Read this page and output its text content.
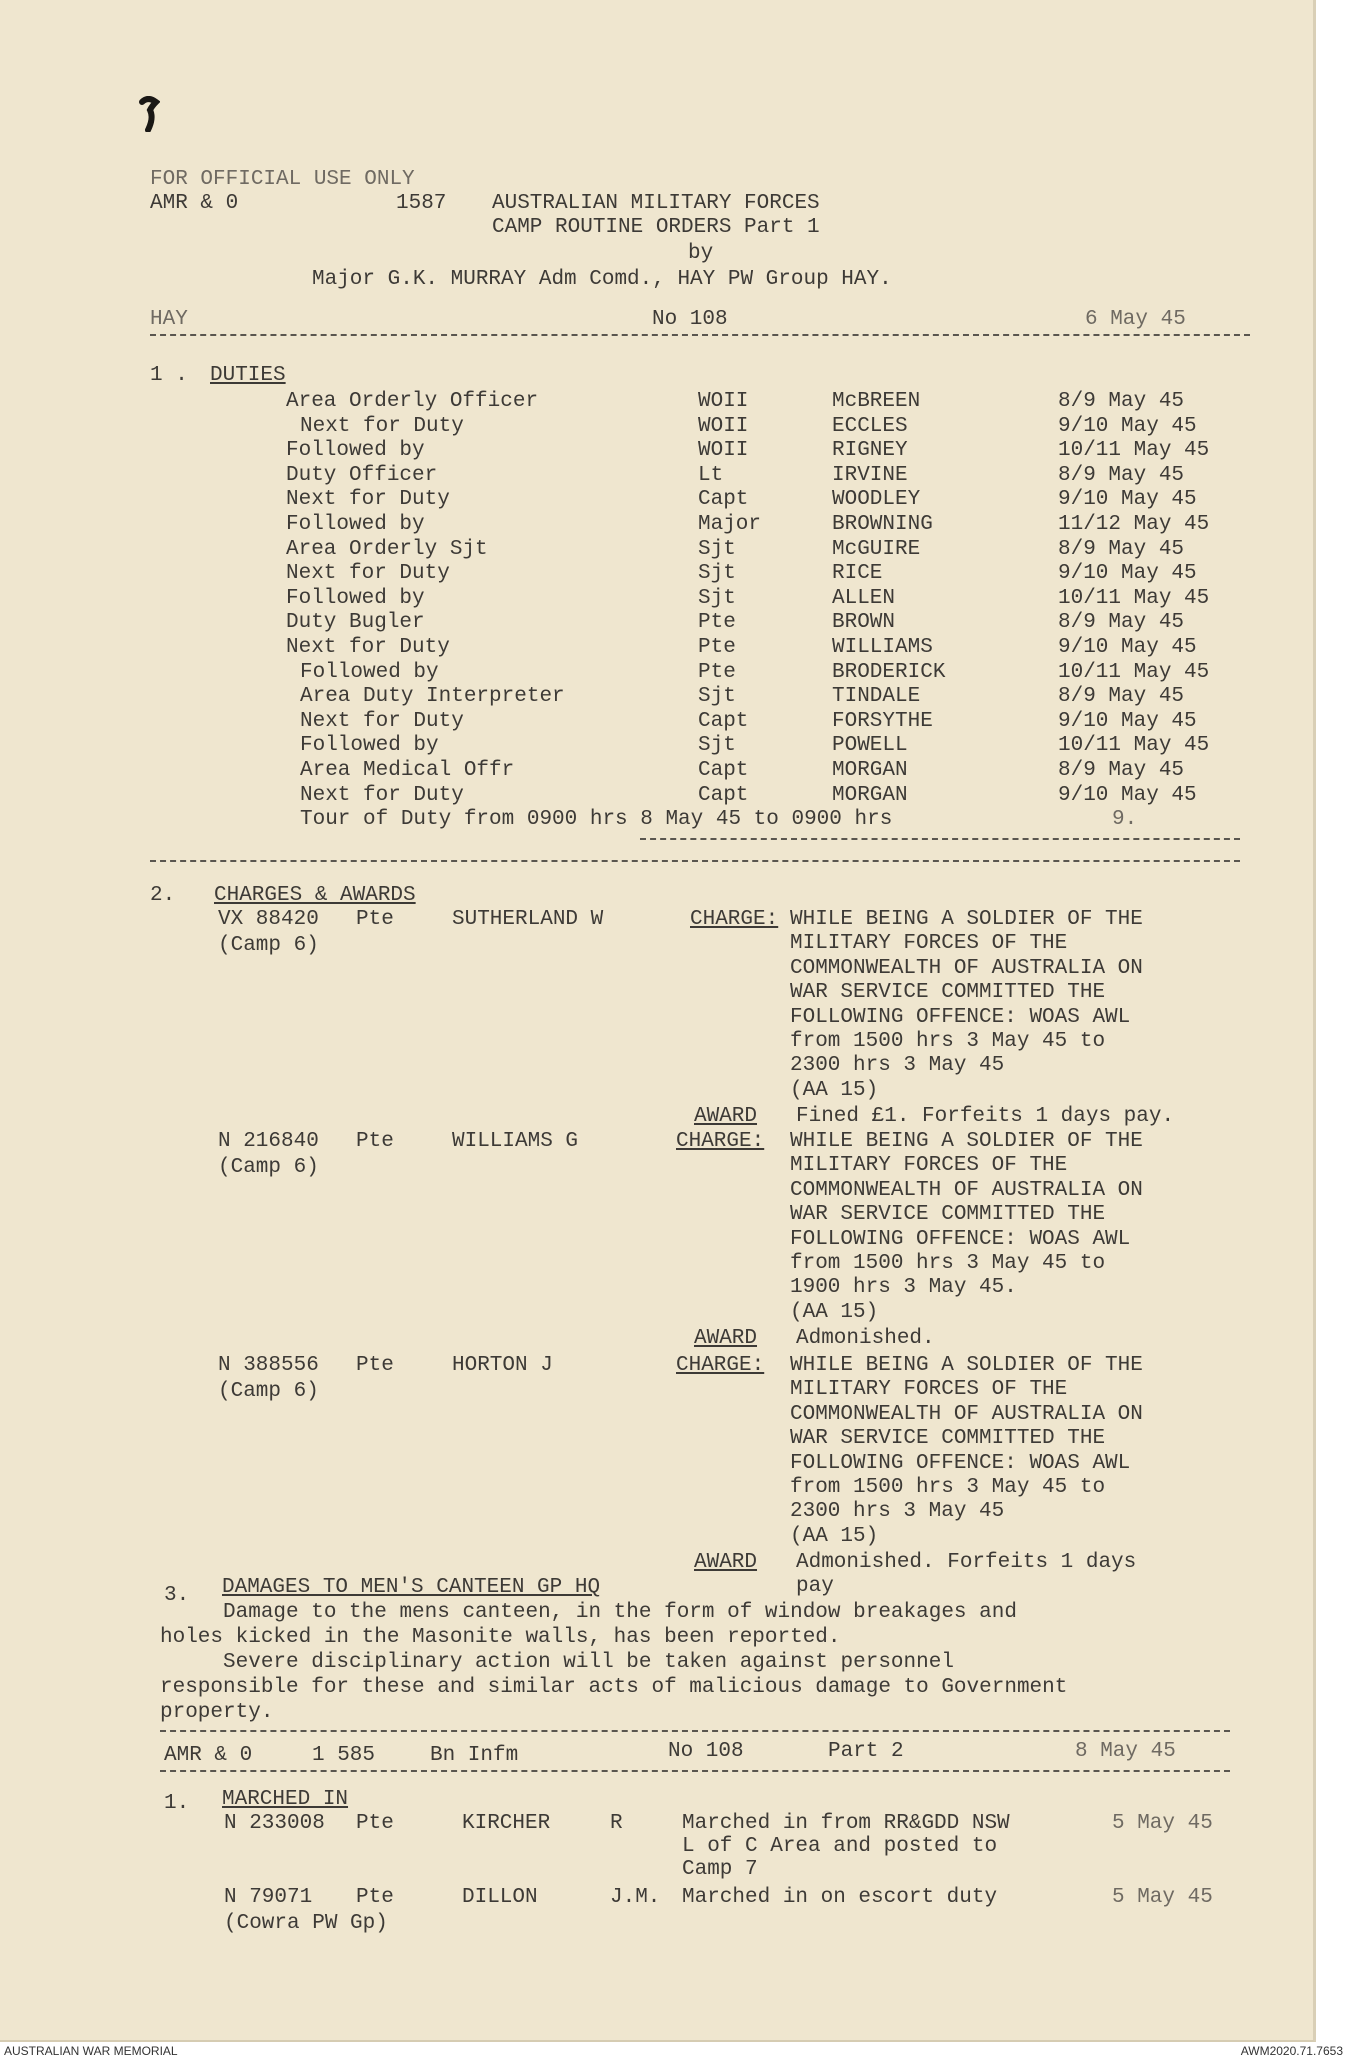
FOR OFFICIAL USE ONLY
AMR & 0	1587 AUSTRALIAN MILITARY FORCES
CAMP ROUTINE ORDERS Part 1
by
Major G.K. MURRAY Adm Comd., HAY PW Group HAY.
HAY	No 108	6 May 45
1 . DUTIES
Area Orderly Officer	WOII	McBREEN	8/9 May 45
Next for Duty	WOII	ECCLES	9/10 May 45
Followed by	WOII	RIGNEY	10/11 May 45
Duty Officer	Lt	IRVINE	8/9 May 45
Next for Duty	Capt	WOODLEY	9/10 May 45
Followed by	Major	BROWNING	11/12 May 45
Area Orderly Sjt	Sjt	McGUIRE	8/9 May 45
Next for Duty	Sjt	RICE	9/10 May 45
Followed by	Sjt	ALLEN	10/11 May 45
Duty Bugler	Pte	BROWN	8/9 May 45
Next for Duty	Pte	WILLIAMS	9/10 May 45
Followed by	Pte	BRODERICK	10/11 May 45
Area Duty Interpreter	Sjt	TINDALE	8/9 May 45
Next for Duty	Capt	FORSYTHE	9/10 May 45
Followed by	Sjt	POWELL	10/11 May 45
Area Medical Offr	Capt	MORGAN	8/9 May 45
Next for Duty	Capt	MORGAN	9/10 May 45
Tour of Duty from 0900 hrs 8 May 45 to 0900 hrs	9.
2. CHARGES & AWARDS
VX 88420 Pte	SUTHERLAND W
(Camp 6)
CHARGE: WHILE BEING A SOLDIER OF THE
MILITARY FORCES OF THE
COMMONWEALTH OF AUSTRALIA ON
WAR SERVICE COMMITTED THE
FOLLOWING OFFENCE: WOAS AWL
from 1500 hrs 3 May 45 to
2300 hrs 3 May 45
(AA 15)
AWARD Fined £1. Forfeits 1 days pay.
N 216840 Pte	WILLIAMS G
(Camp 6)
CHARGE: WHILE BEING A SOLDIER OF THE
MILITARY FORCES OF THE
COMMONWEALTH OF AUSTRALIA ON
WAR SERVICE COMMITTED THE
FOLLOWING OFFENCE: WOAS AWL
from 1500 hrs 3 May 45 to
1900 hrs 3 May 45.
(AA 15)
AWARD Admonished.
N 388556 Pte	HORTON J
(Camp 6)
CHARGE: WHILE BEING A SOLDIER OF THE
MILITARY FORCES OF THE
COMMONWEALTH OF AUSTRALIA ON
WAR SERVICE COMMITTED THE
FOLLOWING OFFENCE: WOAS AWL
from 1500 hrs 3 May 45 to
2300 hrs 3 May 45
(AA 15)
AWARD Admonished. Forfeits 1 days
pay
3. DAMAGES TO MEN'S CANTEEN GP HQ
Damage to the mens canteen, in the form of window breakages and
holes kicked in the Masonite walls, has been reported.
Severe disciplinary action will be taken against personnel
responsible for these and similar acts of malicious damage to Government
property.
AMR & 0	1 585	Bn Infm	No 108	Part 2	8 May 45
1. MARCHED IN
N 233008 Pte	KIRCHER	R	Marched in from RR&GDD NSW
L of C Area and posted to
Camp 7
5 May 45
N 79071 Pte	DILLON	J.M. Marched in on escort duty	5 May 45
(Cowra PW Gp)
AUSTRALIAN WAR MEMORIAL	AWM2020.71.7653
